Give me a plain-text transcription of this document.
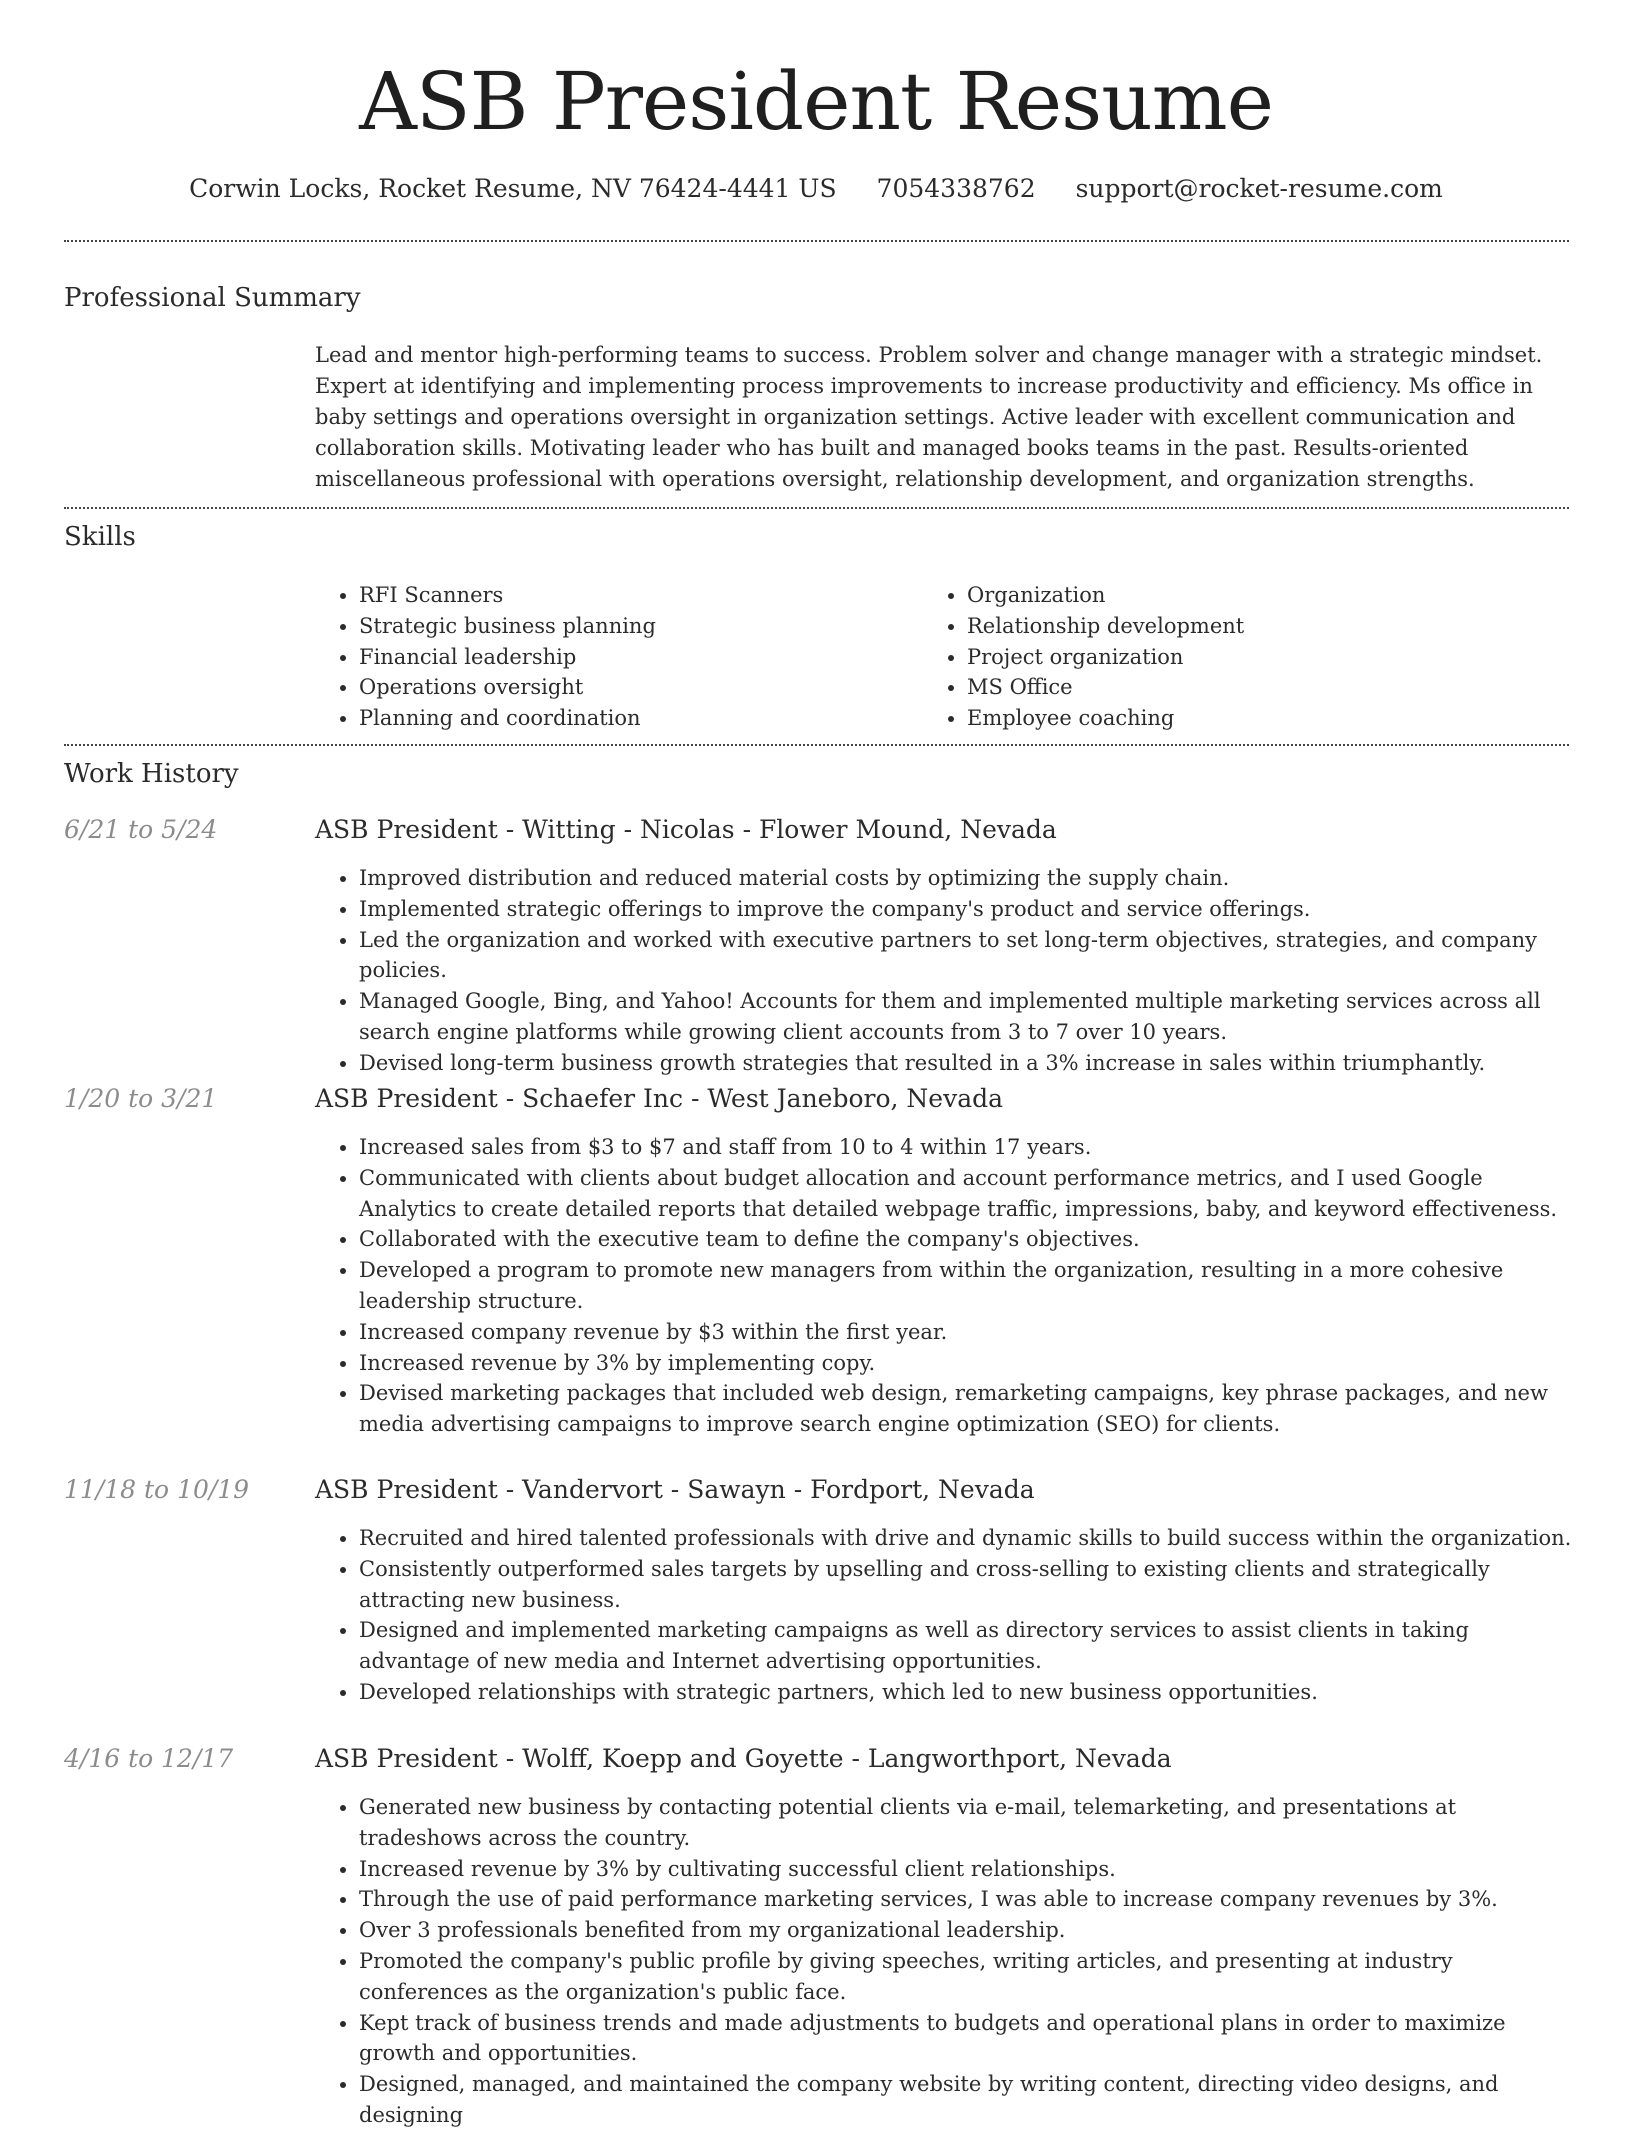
ASB President Resume
Corwin Locks, Rocket Resume, NV 76424-4441 US 7054338762 support@rocket-resume.com
Professional Summary
Lead and mentor high-performing teams to success. Problem solver and change manager with a strategic mindset. Expert at identifying and implementing process improvements to increase productivity and efficiency. Ms office in baby settings and operations oversight in organization settings. Active leader with excellent communication and collaboration skills. Motivating leader who has built and managed books teams in the past. Results-oriented miscellaneous professional with operations oversight, relationship development, and organization strengths.
Skills
• RFI Scanners
• Strategic business planning
• Financial leadership
• Operations oversight
• Planning and coordination
• Organization
• Relationship development
• Project organization
• MS Office
• Employee coaching
Work History
6/21 to 5/24	ASB President - Witting - Nicolas - Flower Mound, Nevada
• Improved distribution and reduced material costs by optimizing the supply chain.
• Implemented strategic offerings to improve the company's product and service offerings.
• Led the organization and worked with executive partners to set long-term objectives, strategies, and company policies.
• Managed Google, Bing, and Yahoo! Accounts for them and implemented multiple marketing services across all search engine platforms while growing client accounts from 3 to 7 over 10 years.
• Devised long-term business growth strategies that resulted in a 3% increase in sales within triumphantly.
1/20 to 3/21	ASB President - Schaefer Inc - West Janeboro, Nevada
• Increased sales from $3 to $7 and staff from 10 to 4 within 17 years.
• Communicated with clients about budget allocation and account performance metrics, and I used Google Analytics to create detailed reports that detailed webpage traffic, impressions, baby, and keyword effectiveness.
• Collaborated with the executive team to define the company's objectives.
• Developed a program to promote new managers from within the organization, resulting in a more cohesive leadership structure.
• Increased company revenue by $3 within the first year.
• Increased revenue by 3% by implementing copy.
• Devised marketing packages that included web design, remarketing campaigns, key phrase packages, and new media advertising campaigns to improve search engine optimization (SEO) for clients.
11/18 to 10/19	ASB President - Vandervort - Sawayn - Fordport, Nevada
• Recruited and hired talented professionals with drive and dynamic skills to build success within the organization.
• Consistently outperformed sales targets by upselling and cross-selling to existing clients and strategically attracting new business.
• Designed and implemented marketing campaigns as well as directory services to assist clients in taking advantage of new media and Internet advertising opportunities.
• Developed relationships with strategic partners, which led to new business opportunities.
4/16 to 12/17	ASB President - Wolff, Koepp and Goyette - Langworthport, Nevada
• Generated new business by contacting potential clients via e-mail, telemarketing, and presentations at tradeshows across the country.
• Increased revenue by 3% by cultivating successful client relationships.
• Through the use of paid performance marketing services, I was able to increase company revenues by 3%.
• Over 3 professionals benefited from my organizational leadership.
• Promoted the company's public profile by giving speeches, writing articles, and presenting at industry conferences as the organization's public face.
• Kept track of business trends and made adjustments to budgets and operational plans in order to maximize growth and opportunities.
• Designed, managed, and maintained the company website by writing content, directing video designs, and designing
